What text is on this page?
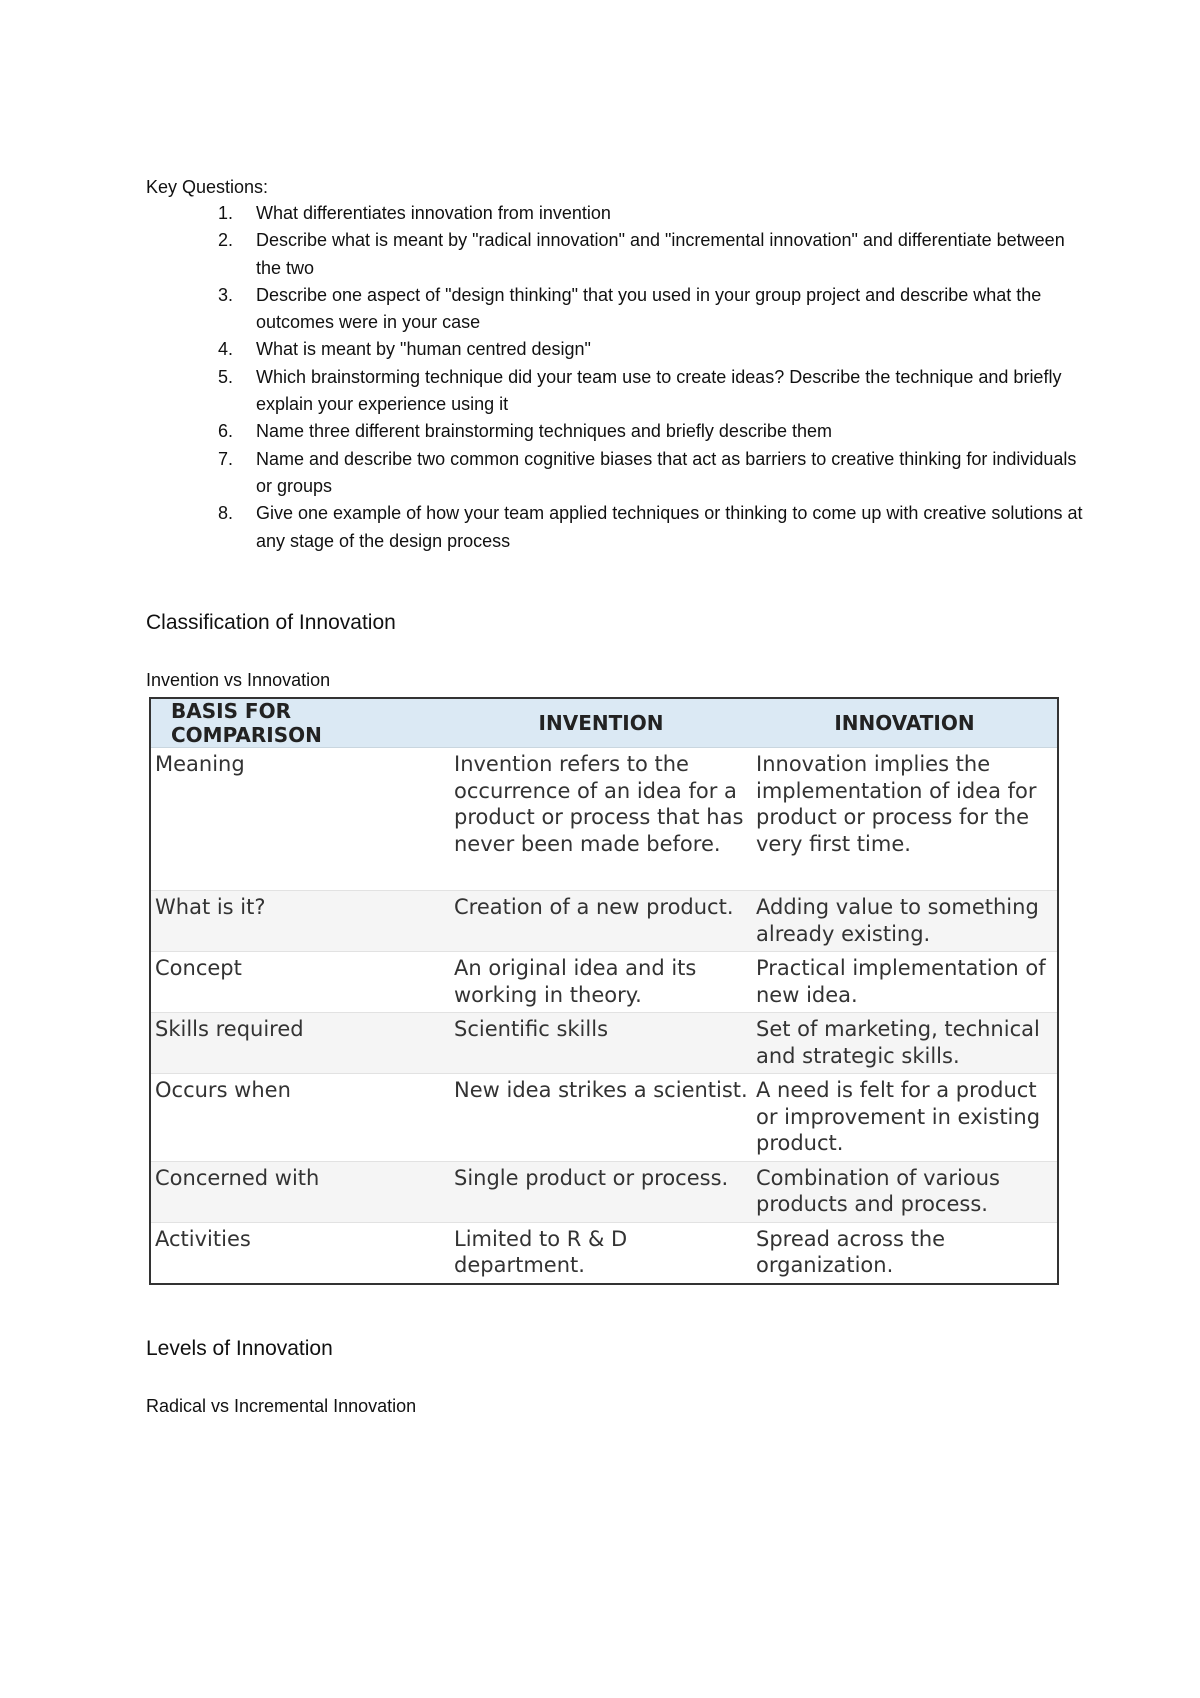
Key Questions:
1.	What differentiates innovation from invention
2.	Describe what is meant by "radical innovation" and "incremental innovation" and differentiate between the two
3.	Describe one aspect of "design thinking" that you used in your group project and describe what the outcomes were in your case
4.	What is meant by "human centred design"
5.	Which brainstorming technique did your team use to create ideas? Describe the technique and briefly explain your experience using it
6.	Name three different brainstorming techniques and briefly describe them
7.	Name and describe two common cognitive biases that act as barriers to creative thinking for individuals or groups
8.	Give one example of how your team applied techniques or thinking to come up with creative solutions at any stage of the design process
Classification of Innovation
Invention vs Innovation
BASIS FOR COMPARISON	INVENTION	INNOVATION
Meaning	Invention refers to the occurrence of an idea for a product or process that has never been made before.	Innovation implies the implementation of idea for product or process for the very first time.
What is it?	Creation of a new product.	Adding value to something already existing.
Concept	An original idea and its working in theory.	Practical implementation of new idea.
Skills required	Scientific skills	Set of marketing, technical and strategic skills.
Occurs when	New idea strikes a scientist.	A need is felt for a product or improvement in existing product.
Concerned with	Single product or process.	Combination of various products and process.
Activities	Limited to R & D department.	Spread across the organization.
Levels of Innovation
Radical vs Incremental Innovation
